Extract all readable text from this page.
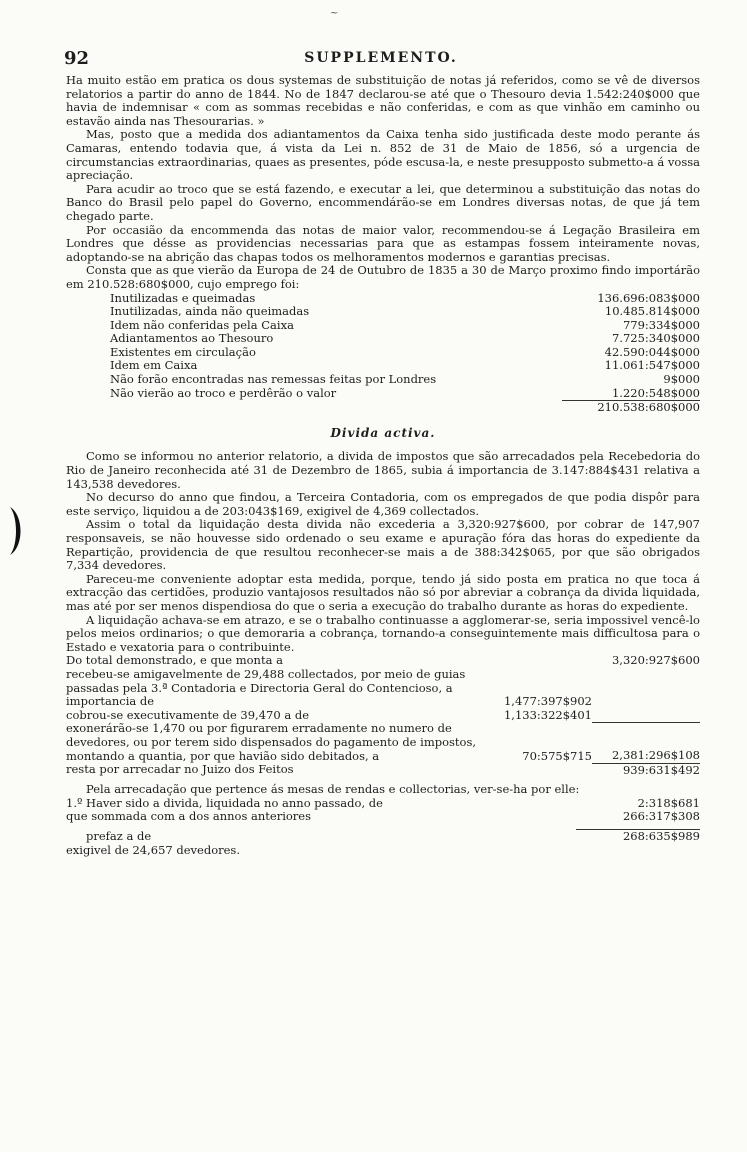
~
92	SUPPLEMENTO.

Ha muito estão em pratica os dous systemas de substituição de notas já referidos, como se vê de diversos relatorios a partir do anno de 1844. No de 1847 declarou-se até que o Thesouro devia 1.542:240$000 que havia de indemnisar « com as sommas recebidas e não conferidas, e com as que vinhão em caminho ou estavão ainda nas Thesourarias. »

Mas, posto que a medida dos adiantamentos da Caixa tenha sido justificada deste modo perante ás Camaras, entendo todavia que, á vista da Lei n. 852 de 31 de Maio de 1856, só a urgencia de circumstancias extraordinarias, quaes as presentes, póde escusa-la, e neste presupposto submetto-a á vossa apreciação.

Para acudir ao troco que se está fazendo, e executar a lei, que determinou a substituição das notas do Banco do Brasil pelo papel do Governo, encommendárão-se em Londres diversas notas, de que já tem chegado parte.

Por occasião da encommenda das notas de maior valor, recommendou-se á Legação Brasileira em Londres que désse as providencias necessarias para que as estampas fossem inteiramente novas, adoptando-se na abrição das chapas todos os melhoramentos modernos e garantias precisas.

Consta que as que vierão da Europa de 24 de Outubro de 1835 a 30 de Março proximo findo importárão em 210.528:680$000, cujo emprego foi:

Inutilizadas e queimadas	136.696:083$000
Inutilizadas, ainda não queimadas	10.485.814$000
Idem não conferidas pela Caixa	779:334$000
Adiantamentos ao Thesouro	7.725:340$000
Existentes em circulação	42.590:044$000
Idem em Caixa	11.061:547$000
Não forão encontradas nas remessas feitas por Londres	9$000
Não vierão ao troco e perdêrão o valor	1.220:548$000
	210.538:680$000
Divida activa.

Como se informou no anterior relatorio, a divida de impostos que são arrecadados pela Recebedoria do Rio de Janeiro reconhecida até 31 de Dezembro de 1865, subia á importancia de 3.147:884$431 relativa a 143,538 devedores.

No decurso do anno que findou, a Terceira Contadoria, com os empregados de que podia dispôr para este serviço, liquidou a de 203:043$169, exigivel de 4,369 collectados.

Assim o total da liquidação desta divida não excederia a 3,320:927$600, por cobrar de 147,907 responsaveis, se não houvesse sido ordenado o seu exame e apuração fóra das horas do expediente da Repartição, providencia de que resultou reconhecer-se mais a de 388:342$065, por que são obrigados 7,334 devedores.

Pareceu-me conveniente adoptar esta medida, porque, tendo já sido posta em pratica no que toca á extracção das certidões, produzio vantajosos resultados não só por abreviar a cobrança da divida liquidada, mas até por ser menos dispendiosa do que o seria a execução do trabalho durante as horas do expediente.

A liquidação achava-se em atrazo, e se o trabalho continuasse a agglomerar-se, seria impossivel vencê-lo pelos meios ordinarios; o que demoraria a cobrança, tornando-a conseguintemente mais difficultosa para o Estado e vexatoria para o contribuinte.

Do total demonstrado, e que monta a		3,320:927$600
recebeu-se amigavelmente de 29,488 collectados, por meio de guias passadas pela 3.ª Contadoria e Directoria Geral do Contencioso, a importancia de	1,477:397$902	
cobrou-se executivamente de 39,470 a de	1,133:322$401	
exonerárão-se 1,470 ou por figurarem erradamente no numero de devedores, ou por terem sido dispensados do pagamento de impostos, montando a quantia, por que havião sido debitados, a	70:575$715	2,381:296$108
resta por arrecadar no Juizo dos Feitos		939:631$492

Pela arrecadação que pertence ás mesas de rendas e collectorias, ver-se-ha por elle:

1.º Haver sido a divida, liquidada no anno passado, de	2:318$681
que sommada com a dos annos anteriores	266:317$308

prefaz a de	268:635$989
exigivel de 24,657 devedores.	
